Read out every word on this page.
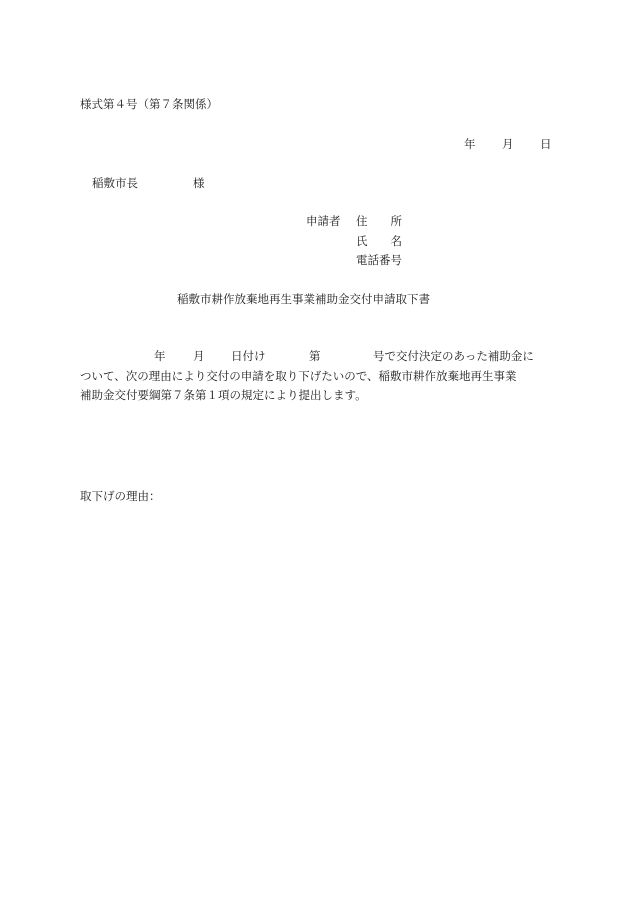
様式第４号（第７条関係）
年 月 日
稲敷市長	様
申請者 住　　所
氏　　名
電話番号
稲敷市耕作放棄地再生事業補助金交付申請取下書
年 月 日付け	第	号で交付決定のあった補助金に
ついて、次の理由により交付の申請を取り下げたいので、稲敷市耕作放棄地再生事業
補助金交付要綱第７条第１項の規定により提出します。
取下げの理由：
